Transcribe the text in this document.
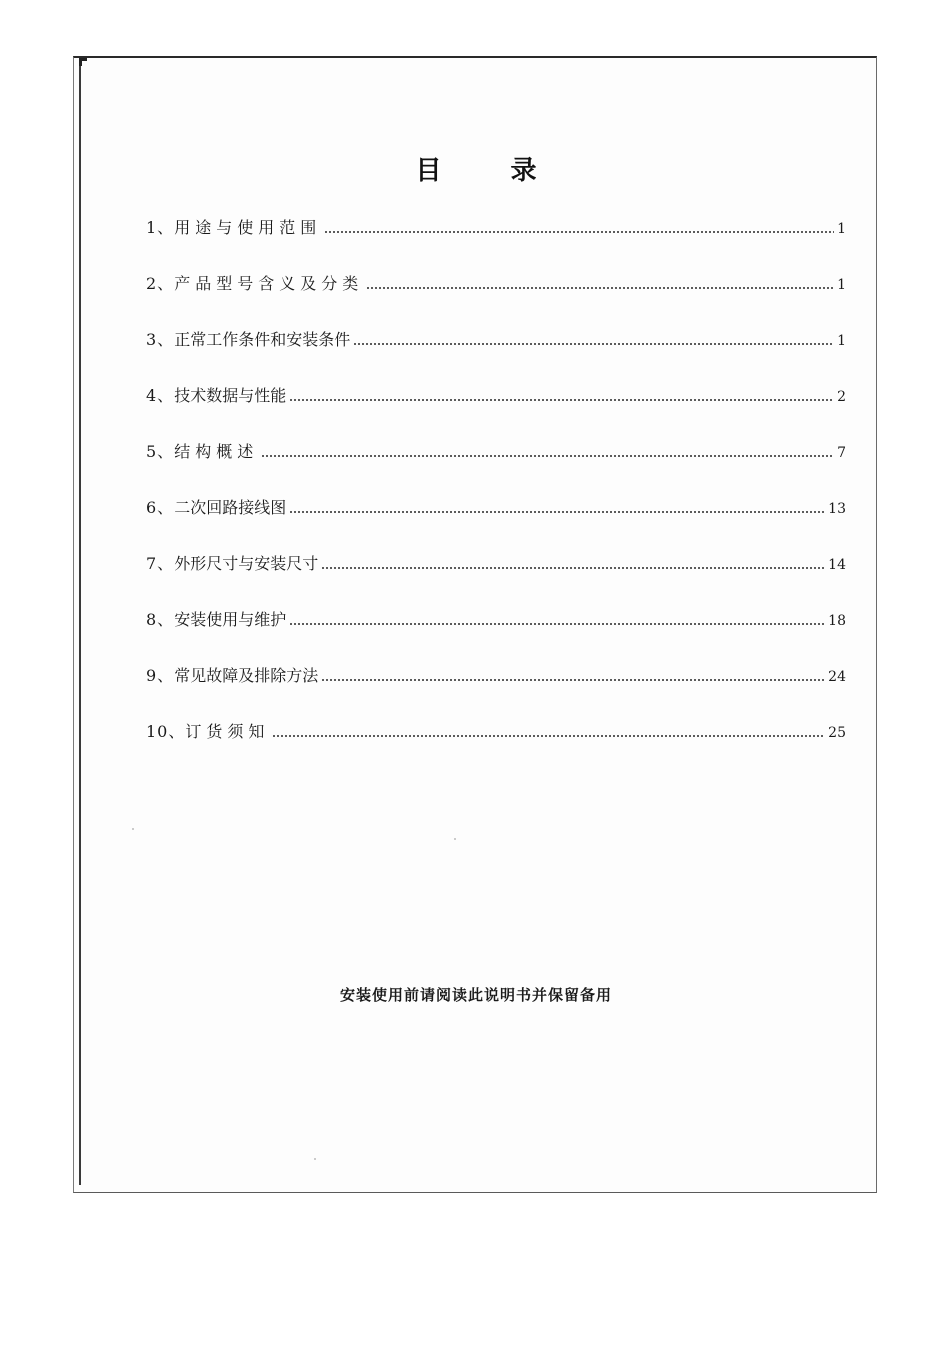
目 录
1、 用途与使用范围	1
2、 产品型号含义及分类	1
3、 正常工作条件和安装条件	1
4、 技术数据与性能	2
5、 结构概述	7
6、 二次回路接线图	13
7、 外形尺寸与安装尺寸	14
8、 安装使用与维护	18
9、 常见故障及排除方法	24
10、 订货须知	25
安装使用前请阅读此说明书并保留备用
